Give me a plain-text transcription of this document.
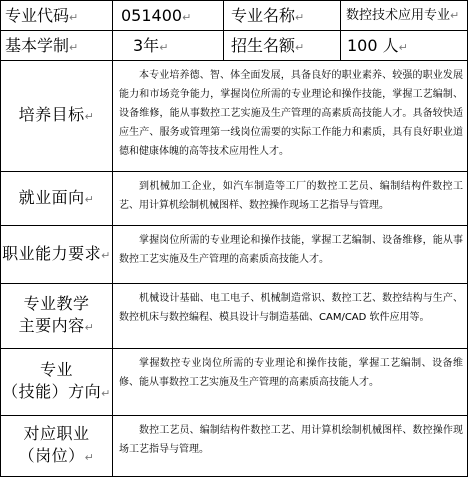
专业代码↵	051400↵	专业名称↵	数控技术应用专业↵
基本学制↵	3年↵	招生名额↵	100 人↵
培养目标↵	本专业培养德、智、体全面发展，具备良好的职业素养、较强的职业发展能力和市场竞争能力，掌握岗位所需的专业理论和操作技能，掌握工艺编制、设备维修，能从事数控工艺实施及生产管理的高素质高技能人才。具备较快适应生产、服务或管理第一线岗位需要的实际工作能力和素质，具有良好职业道德和健康体魄的高等技术应用性人才。		

就业面向↵	到机械加工企业，如汽车制造等工厂的数控工艺员、编制结构件数控工艺、用计算机绘制机械图样、数控操作现场工艺指导与管理。		

职业能力要求↵	掌握岗位所需的专业理论和操作技能，掌握工艺编制、设备维修，能从事数控工艺实施及生产管理的高素质高技能人才。		

专业教学
主要内容↵	机械设计基础、电工电子、机械制造常识、数控工艺、数控结构与生产、数控机床与数控编程、模具设计与制造基础、CAM/CAD 软件应用等。		

专业
（技能）方向↵	掌握数控专业岗位所需的专业理论和操作技能，掌握工艺编制、设备维修、能从事数控工艺实施及生产管理的高素质高技能人才。		

对应职业
（岗位）↵	数控工艺员、编制结构件数控工艺、用计算机绘制机械图样、数控操作现场工艺指导与管理。		
